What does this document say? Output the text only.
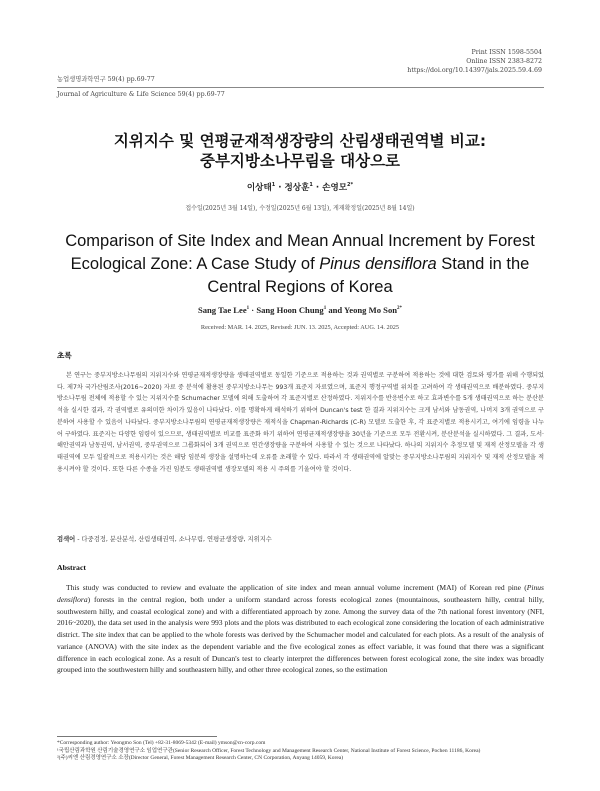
Print ISSN 1598-5504
Online ISSN 2383-8272
https://doi.org/10.14397/jals.2025.59.4.69
농업생명과학연구 59(4) pp.69-77
Journal of Agriculture & Life Science 59(4) pp.69-77
지위지수 및 연평균재적생장량의 산림생태권역별 비교:
중부지방소나무림을 대상으로
이상태$^1$ · 정상훈$^1$ · 손영모$^{2*}$
접수일(2025년 3월 14일), 수정일(2025년 6월 13일), 게재확정일(2025년 8월 14일)
Comparison of Site Index and Mean Annual Increment by Forest
Ecological Zone: A Case Study of Pinus densiflora Stand in the
Central Regions of Korea
Sang Tae Lee$^1$ · Sang Hoon Chung$^1$ and Yeong Mo Son$^{2*}$
Received: MAR. 14. 2025, Revised: JUN. 13. 2025, Accepted: AUG. 14. 2025
초록

본 연구는 중부지방소나무림의 지위지수와 연평균재적생장량을 생태권역별로 동일한 기준으로 적용하는 것과 권역별로 구분하여 적용하는 것에 대한 검토와 평가를 위해 수행되었다. 제7차 국가산림조사(2016~2020) 자료 중 분석에 활용된 중부지방소나무는 993개 표준지 자료였으며, 표준지 행정구역별 위치를 고려하여 각 생태권역으로 배분하였다. 중부지방소나무림 전체에 적용할 수 있는 지위지수를 Schumacher 모델에 의해 도출하여 각 표준지별로 산정하였다. 지위지수를 반응변수로 하고 효과변수를 5개 생태권역으로 하는 분산분석을 실시한 결과, 각 권역별로 유의미한 차이가 있음이 나타났다. 이를 명확하게 해석하기 위하여 Duncan's test 한 결과 지위지수는 크게 남서와 남동권역, 나머지 3개 권역으로 구분하여 사용할 수 있음이 나타났다. 중부지방소나무림의 연평균재적생장량은 재적식을 Chapman-Richards (C-R) 모델로 도출한 후, 각 표준지별로 적용시키고, 여기에 임령을 나누어 구하였다. 표준지는 다양한 임령이 있으므로, 생태권역별로 비교를 표준화 하기 위하여 연평균재적생장량을 30년을 기준으로 모두 전환시켜, 분산분석을 실시하였다. 그 결과, 도서·해안권역과 남동권역, 남서권역, 중부권역으로 그룹화되어 3개 권역으로 연간생장량을 구분하여 사용할 수 있는 것으로 나타났다. 하나의 지위지수 추정모델 및 재적 산정모델을 각 생태권역에 모두 일괄적으로 적용시키는 것은 해당 임분의 생장을 설명하는데 오류를 초래할 수 있다. 따라서 각 생태권역에 알맞는 중부지방소나무림의 지위지수 및 재적 산정모델을 적용시켜야 할 것이다. 또한 다른 수종을 가진 임분도 생태권역별 생장모델의 적용 시 주의를 기울여야 할 것이다.

검색어 - 다중검정, 분산분석, 산림생태권역, 소나무림, 연평균생장량, 지위지수
Abstract

This study was conducted to review and evaluate the application of site index and mean annual volume increment (MAI) of Korean red pine (Pinus densiflora) forests in the central region, both under a uniform standard across forests ecological zones (mountainous, southeastern hilly, central hilly, southwestern hilly, and coastal ecological zone) and with a differentiated approach by zone. Among the survey data of the 7th national forest inventory (NFI, 2016~2020), the data set used in the analysis were 993 plots and the plots was distributed to each ecological zone considering the location of each administrative district. The site index that can be applied to the whole forests was derived by the Schumacher model and calculated for each plots. As a result of the analysis of variance (ANOVA) with the site index as the dependent variable and the five ecological zones as effect variable, it was found that there was a significant difference in each ecological zone. As a result of Duncan's test to clearly interpret the differences between forest ecological zone, the site index was broadly grouped into the southwestern hilly and southeastern hilly, and other three ecological zones, so the estimation

*Corresponding author: Yeongmo Son (Tel) +82-31-8069-5342 (E-mail) ymson@cn-corp.com
¹국립산림과학원 산림기술경영연구소 임업연구관(Senior Research Officer, Forest Technology and Management Research Center, National Institute of Forest Science, Pochen 11186, Korea)
²(주)씨엔 산림경영연구소 소장(Director General, Forest Management Research Center, CN Corporation, Anyang 14059, Korea)
